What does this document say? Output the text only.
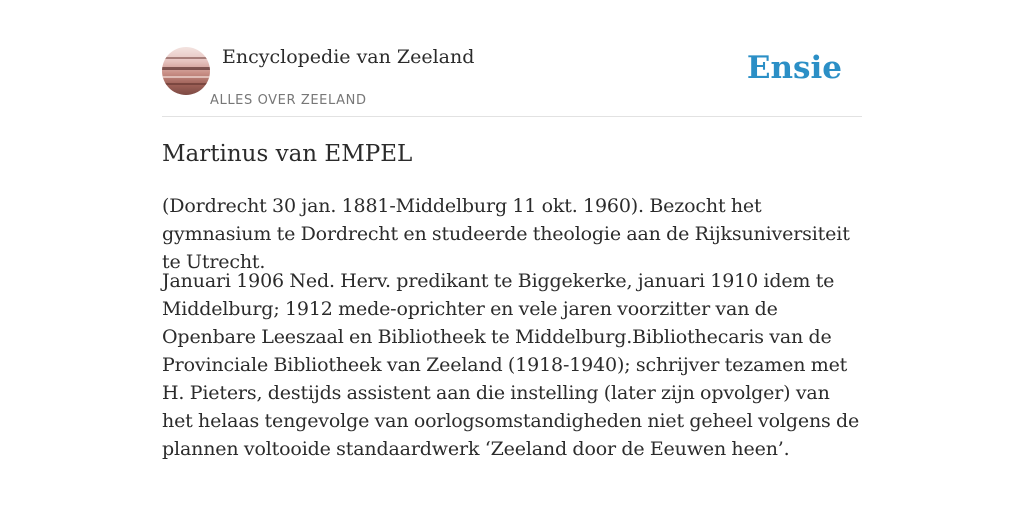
Encyclopedie van Zeeland
ALLES OVER ZEELAND
Ensie
Martinus van EMPEL

(Dordrecht 30 jan. 1881-Middelburg 11 okt. 1960). Bezocht het gymnasium te Dordrecht en studeerde theologie aan de Rijksuniversiteit te Utrecht.

Januari 1906 Ned. Herv. predikant te Biggekerke, januari 1910 idem te Middelburg; 1912 mede-oprichter en vele jaren voorzitter van de Openbare Leeszaal en Bibliotheek te Middelburg.Bibliothecaris van de Provinciale Bibliotheek van Zeeland (1918-1940); schrijver tezamen met H. Pieters, destijds assistent aan die instelling (later zijn opvolger) van het helaas tengevolge van oorlogsomstandigheden niet geheel volgens de plannen voltooide standaardwerk ‘Zeeland door de Eeuwen heen’.
